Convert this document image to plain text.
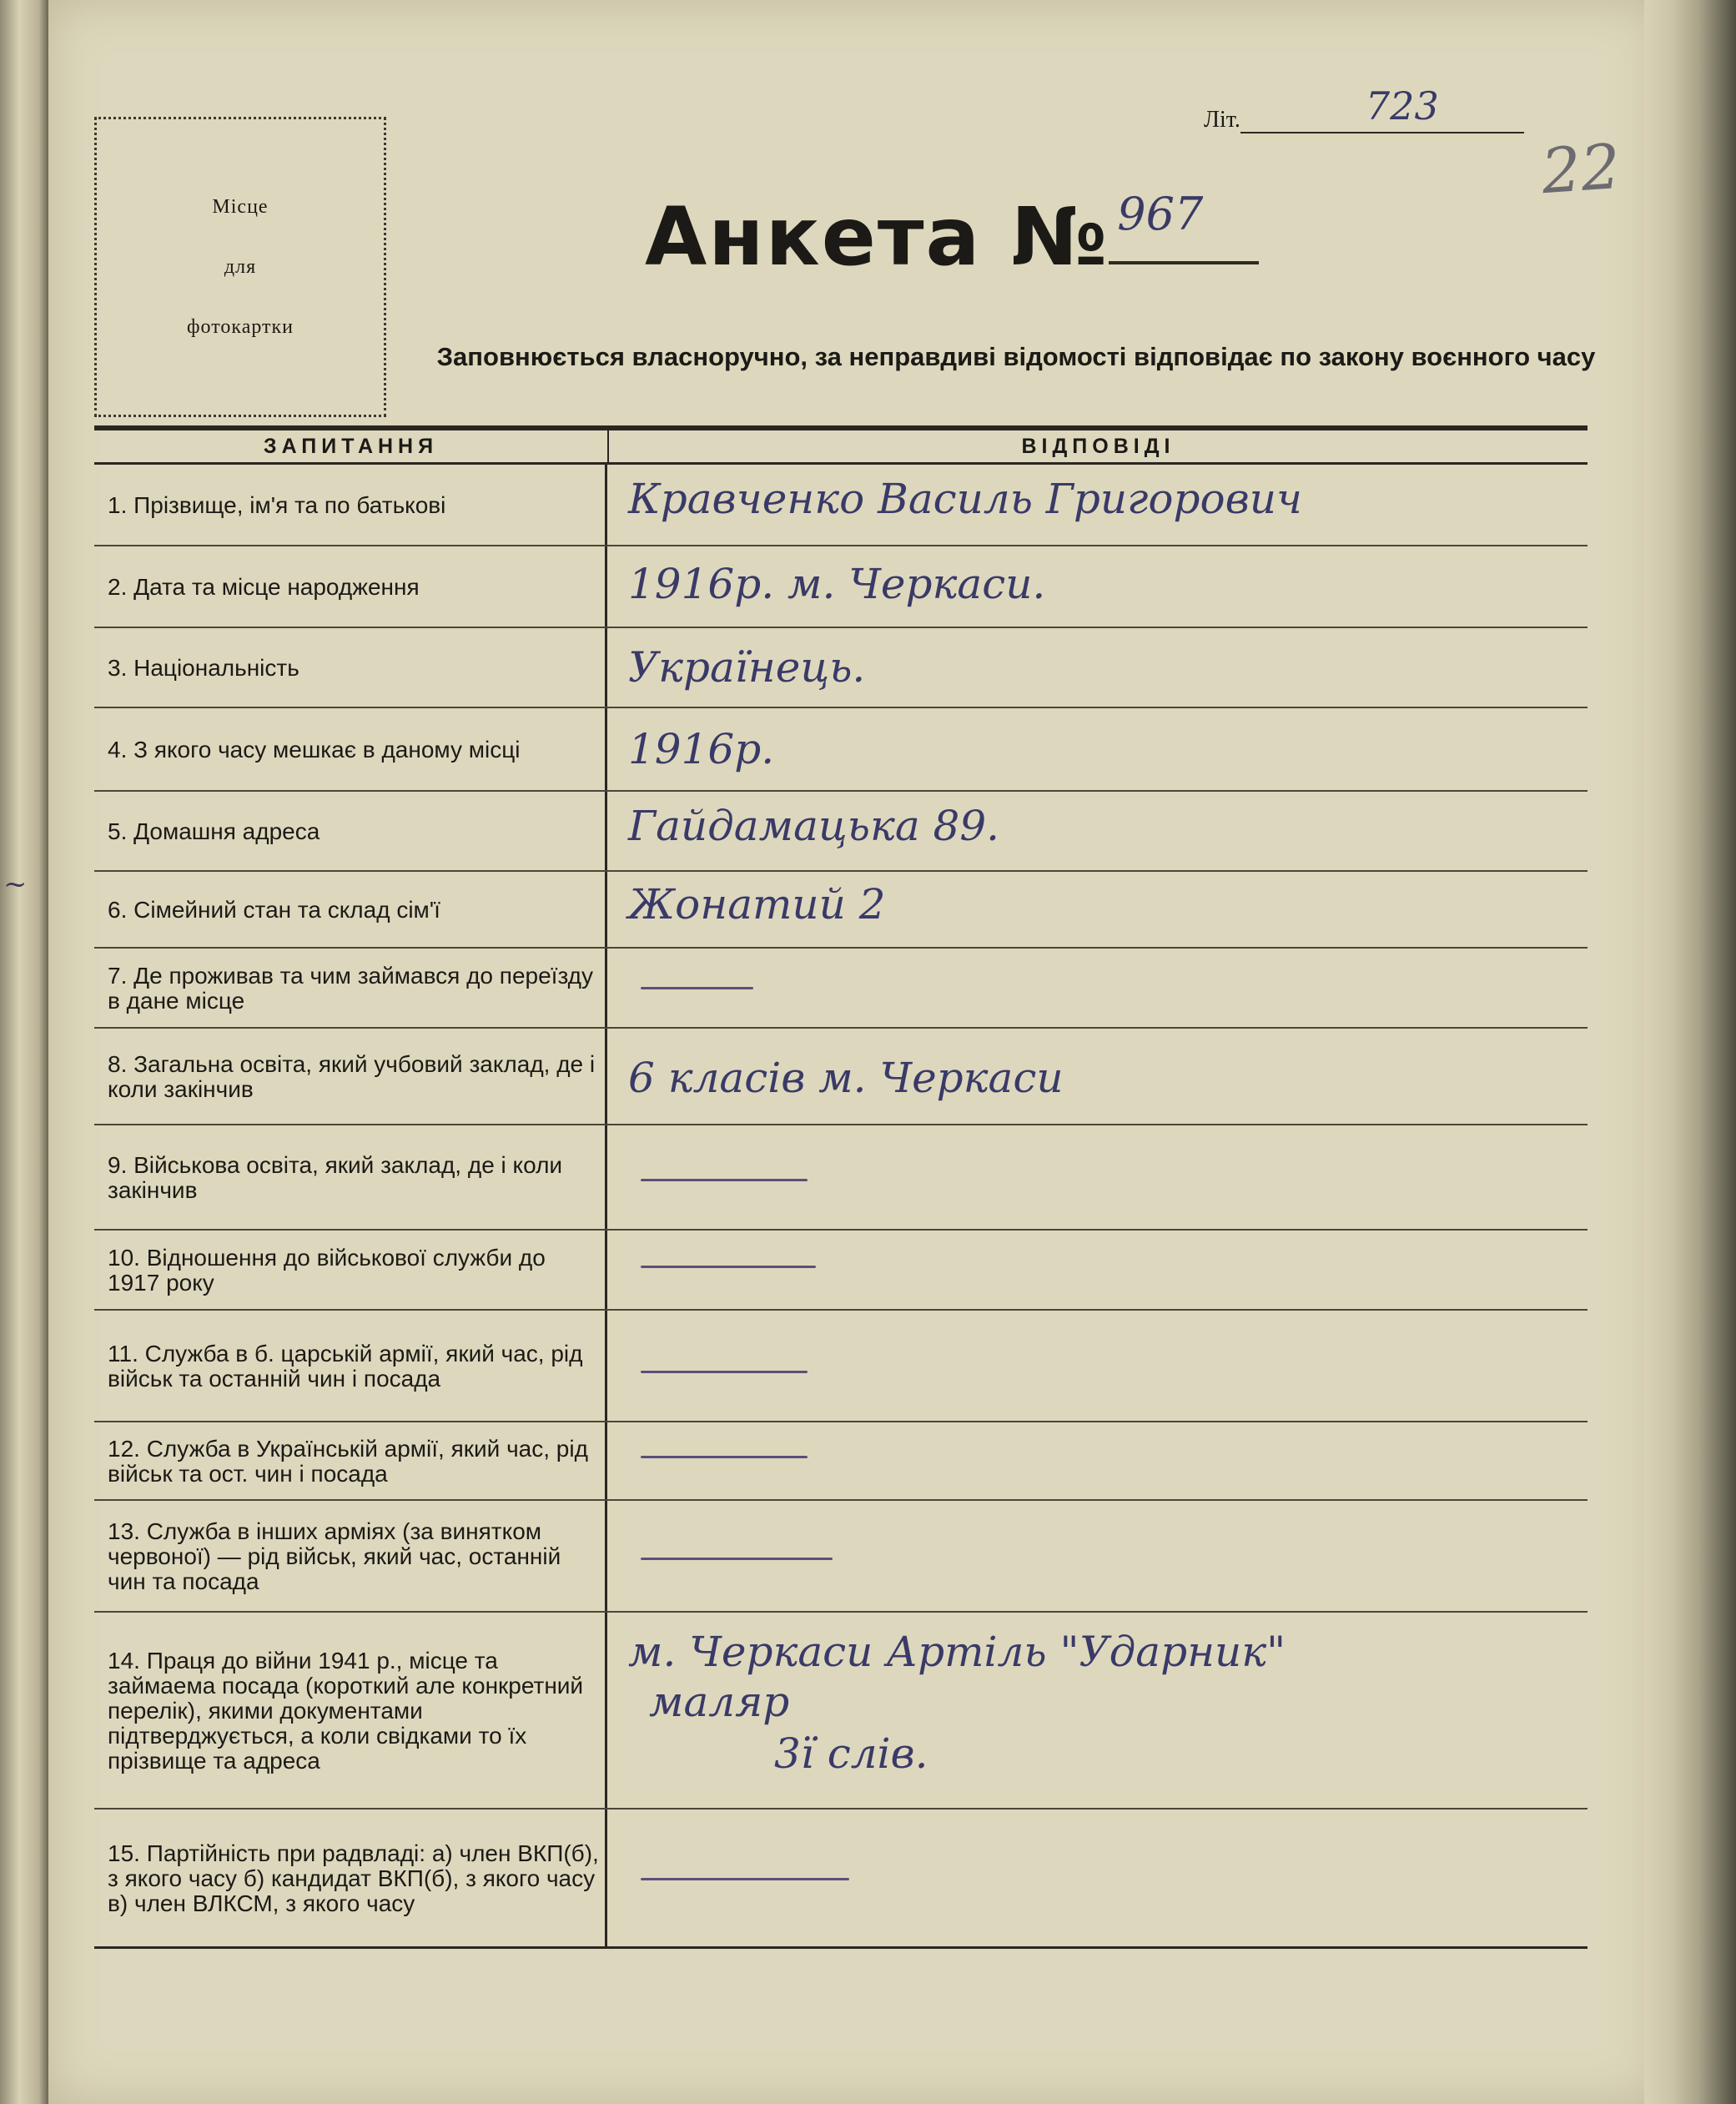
~
Місце
для
фотокартки
Літ.	723
22
Анкета № 967
Заповнюється власноручно, за неправдиві відомості відповідає по закону воєнного часу
ЗАПИТАННЯ	ВІДПОВІДІ
1. Прізвище, ім'я та по батькові	Кравченко Василь Григорович
2. Дата та місце народження	1916р. м. Черкаси.
3. Національність	Українець.
4. З якого часу мешкає в даному місці	1916р.
5. Домашня адреса	Гайдамацька 89.
6. Сімейний стан та склад сім'ї	Жонатий 2
7. Де проживав та чим займався до переїзду в дане місце
8. Загальна освіта, який учбовий заклад, де і коли закінчив	6 класів м. Черкаси
9. Військова освіта, який заклад, де і коли закінчив
10. Відношення до військової служби до 1917 року
11. Служба в б. царській армії, який час, рід військ та останній чин і посада
12. Служба в Українській армії, який час, рід військ та ост. чин і посада
13. Служба в інших арміях (за винятком червоної) — рід військ, який час, останній чин та посада
14. Праця до війни 1941 р., місце та займаема посада (короткий але конкретний перелік), якими документами підтверджується, а коли свідками то їх прізвище та адреса
м. Черкаси Артіль "Ударник"
маляр
3ї слів.
15. Партійність при радвладі: а) член ВКП(б), з якого часу б) кандидат ВКП(б), з якого часу в) член ВЛКСМ, з якого часу
